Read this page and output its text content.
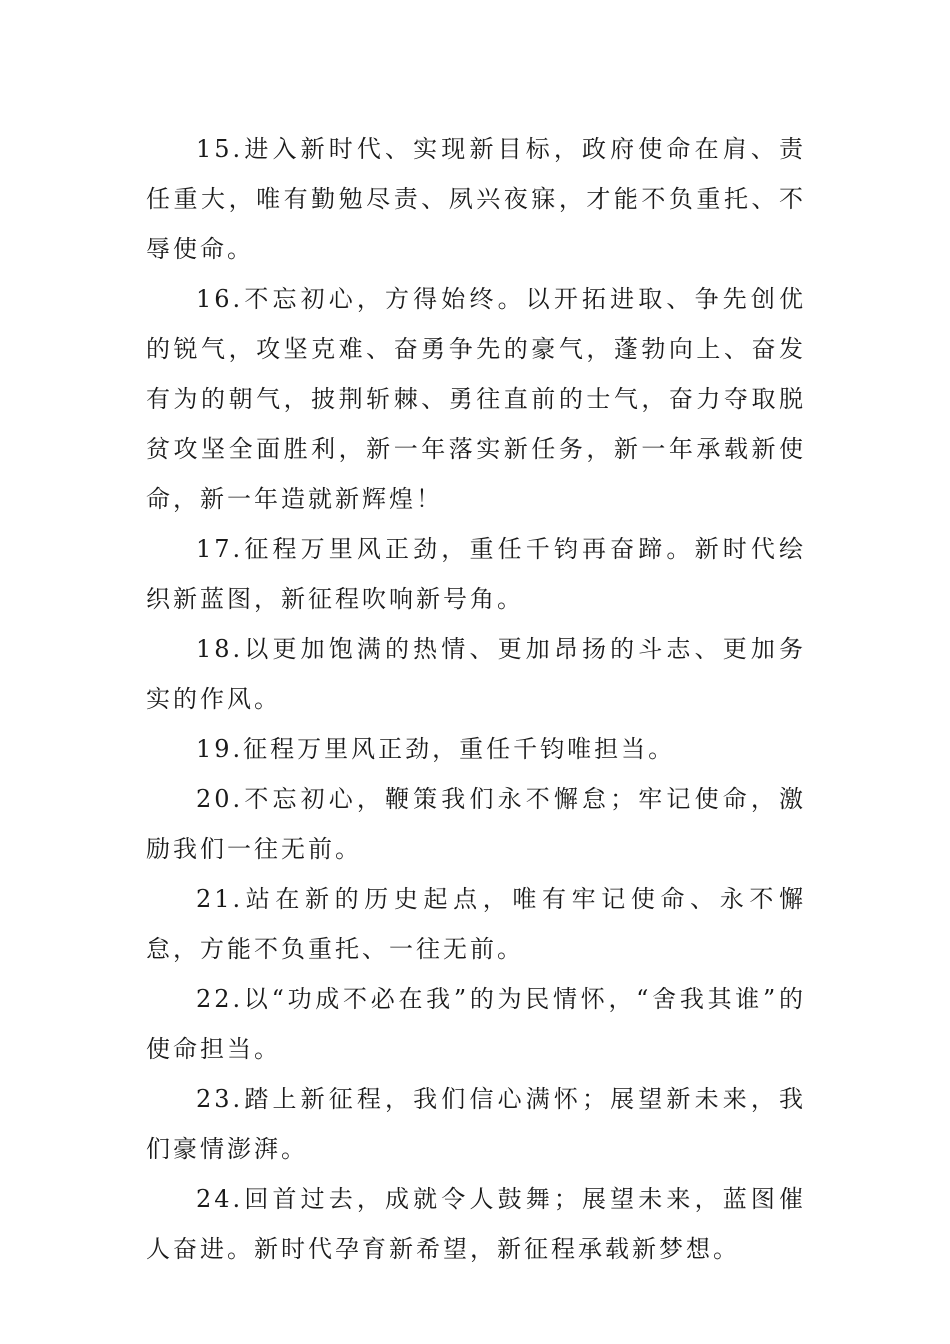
15.进入新时代、实现新目标，政府使命在肩、责任重大，唯有勤勉尽责、夙兴夜寐，才能不负重托、不辱使命。

16.不忘初心，方得始终。以开拓进取、争先创优的锐气，攻坚克难、奋勇争先的豪气，蓬勃向上、奋发有为的朝气，披荆斩棘、勇往直前的士气，奋力夺取脱贫攻坚全面胜利，新一年落实新任务，新一年承载新使命，新一年造就新辉煌！

17.征程万里风正劲，重任千钧再奋蹄。新时代绘织新蓝图，新征程吹响新号角。

18.以更加饱满的热情、更加昂扬的斗志、更加务实的作风。

19.征程万里风正劲，重任千钧唯担当。

20.不忘初心，鞭策我们永不懈怠；牢记使命，激励我们一往无前。

21.站在新的历史起点，唯有牢记使命、永不懈怠，方能不负重托、一往无前。

22.以“功成不必在我”的为民情怀，“舍我其谁”的使命担当。

23.踏上新征程，我们信心满怀；展望新未来，我们豪情澎湃。

24.回首过去，成就令人鼓舞；展望未来，蓝图催人奋进。新时代孕育新希望，新征程承载新梦想。
